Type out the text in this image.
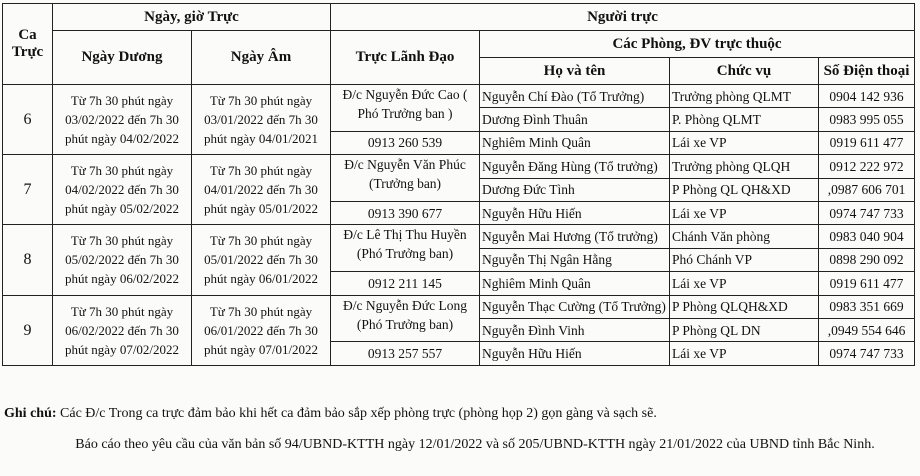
Ca Trực	Ngày, giờ Trực		Người trực			
	Ngày Dương	Ngày Âm	Trực Lãnh Đạo	Các Phòng, ĐV trực thuộc		
				Họ và tên	Chức vụ	Số Điện thoại
6	Từ 7h 30 phút ngày 03/02/2022 đến 7h 30 phút ngày 04/02/2022	Từ 7h 30 phút ngày 03/01/2022 đến 7h 30 phút ngày 04/01/2021	Đ/c Nguyễn Đức Cao ( Phó Trưởng ban )	Nguyễn Chí Đào (Tổ Trưởng)	Trưởng phòng QLMT	0904 142 936
				Dương Đình Thuân	P. Phòng QLMT	0983 995 055
			0913 260 539	Nghiêm Minh Quân	Lái xe VP	0919 611 477
7	Từ 7h 30 phút ngày 04/02/2022 đến 7h 30 phút ngày 05/02/2022	Từ 7h 30 phút ngày 04/01/2022 đến 7h 30 phút ngày 05/01/2022	Đ/c Nguyễn Văn Phúc (Trưởng ban)	Nguyễn Đăng Hùng (Tổ trưởng)	Trưởng phòng QLQH	0912 222 972
				Dương Đức Tình	P Phòng QL QH&XD	,0987 606 701
			0913 390 677	Nguyễn Hữu Hiến	Lái xe VP	0974 747 733
8	Từ 7h 30 phút ngày 05/02/2022 đến 7h 30 phút ngày 06/02/2022	Từ 7h 30 phút ngày 05/01/2022 đến 7h 30 phút ngày 06/01/2022	Đ/c Lê Thị Thu Huyền (Phó Trưởng ban)	Nguyễn Mai Hương (Tổ trưởng)	Chánh Văn phòng	0983 040 904
				Nguyễn Thị Ngân Hằng	Phó Chánh VP	0898 290 092
			0912 211 145	Nghiêm Minh Quân	Lái xe VP	0919 611 477
9	Từ 7h 30 phút ngày 06/02/2022 đến 7h 30 phút ngày 07/02/2022	Từ 7h 30 phút ngày 06/01/2022 đến 7h 30 phút ngày 07/01/2022	Đ/c Nguyễn Đức Long (Phó Trưởng ban)	Nguyễn Thạc Cường (Tổ Trưởng)	P Phòng QLQH&XD	0983 351 669
				Nguyễn Đình Vinh	P Phòng QL DN	,0949 554 646
			0913 257 557	Nguyễn Hữu Hiến	Lái xe VP	0974 747 733
Ghi chú: Các Đ/c Trong ca trực đảm bảo khi hết ca đảm bảo sắp xếp phòng trực (phòng họp 2) gọn gàng và sạch sẽ.
Báo cáo theo yêu cầu của văn bản số 94/UBND-KTTH ngày 12/01/2022 và số 205/UBND-KTTH ngày 21/01/2022 của UBND tỉnh Bắc Ninh.
